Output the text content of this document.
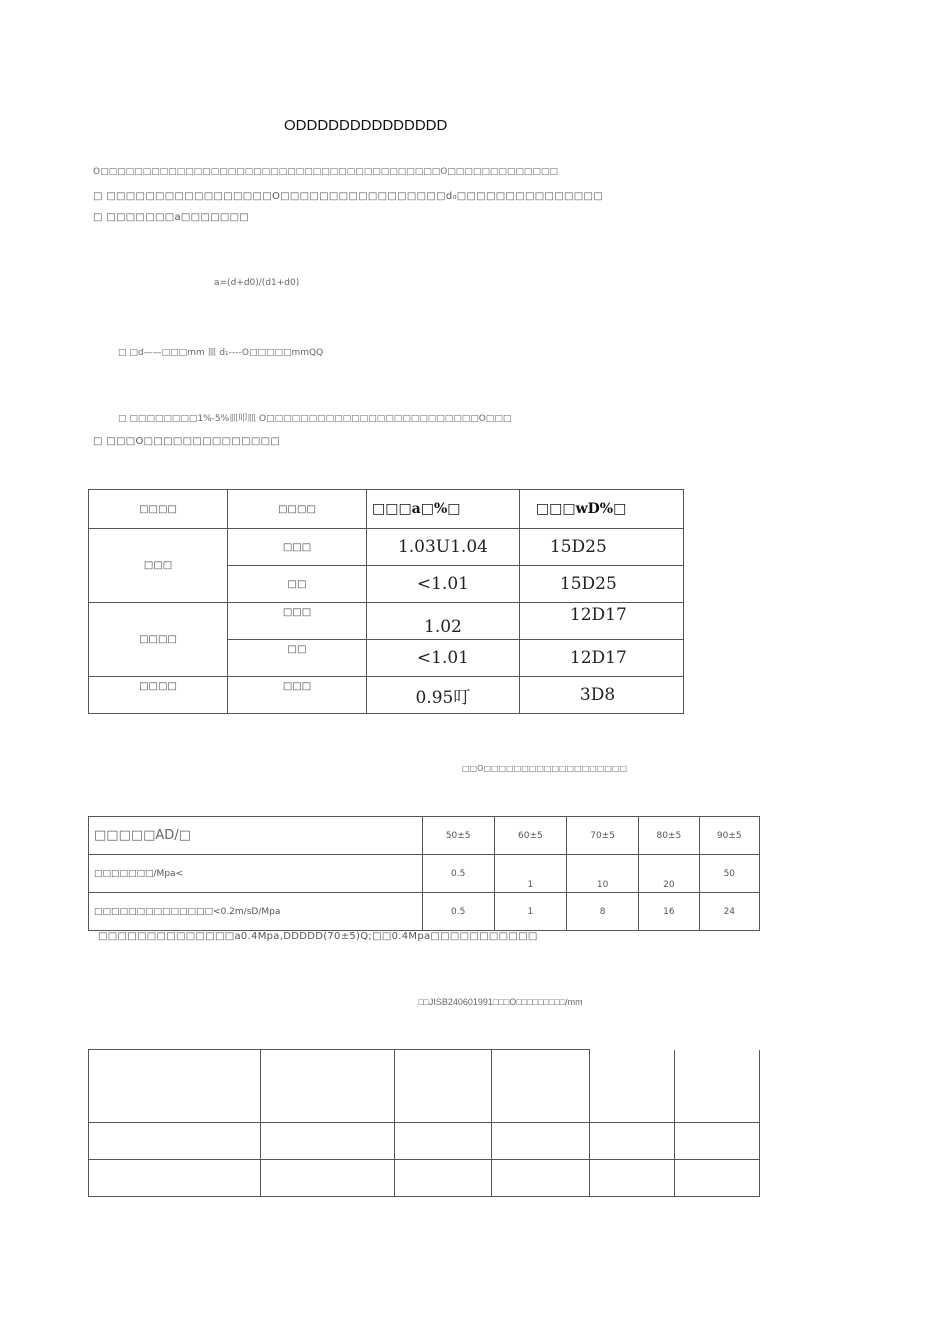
ODDDDDDDDDDDDDD
O□□□□□□□□□□□□□□□□□□□□□□□□□□□□□□□□□□□□□□□□O□□□□□□□□□□□□□
□ □□□□□□□□□□□□□□□□□O□□□□□□□□□□□□□□□□□d₀□□□□□□□□□□□□□□□
□ □□□□□□□a□□□□□□□
a=(d+d0)/(d1+d0)
□ □d——□□□mm 皿 d₁----O□□□□□mmQQ
□ □□□□□□□□1%-5%皿叩皿 O□□□□□□□□□□□□□□□□□□□□□□□□□O□□□
□ □□□O□□□□□□□□□□□□□□
□□□□	□□□□	□□□a□%□	□□□wD%□
□□□	□□□	1.03U1.04	15D25
	□□	<1.01	15D25
□□□□	□□□	1.02	12D17
	□□	<1.01	12D17
□□□□	□□□	0.95叮	3D8
□□O□□□□□□□□□□□□□□□□□□□
□□□□□AD/□	50±5	60±5	70±5	80±5	90±5
□□□□□□□/Mpa<	0.5	1	10	20	50
□□□□□□□□□□□□□□<0.2m/sD/Mpa	0.5	1	8	16	24
□□□□□□□□□□□□□□a0.4Mpa,DDDDD(70±5)Q;□□0.4Mpa□□□□□□□□□□□
□□JISB240601991□□□O□□□□□□□□□/mm
